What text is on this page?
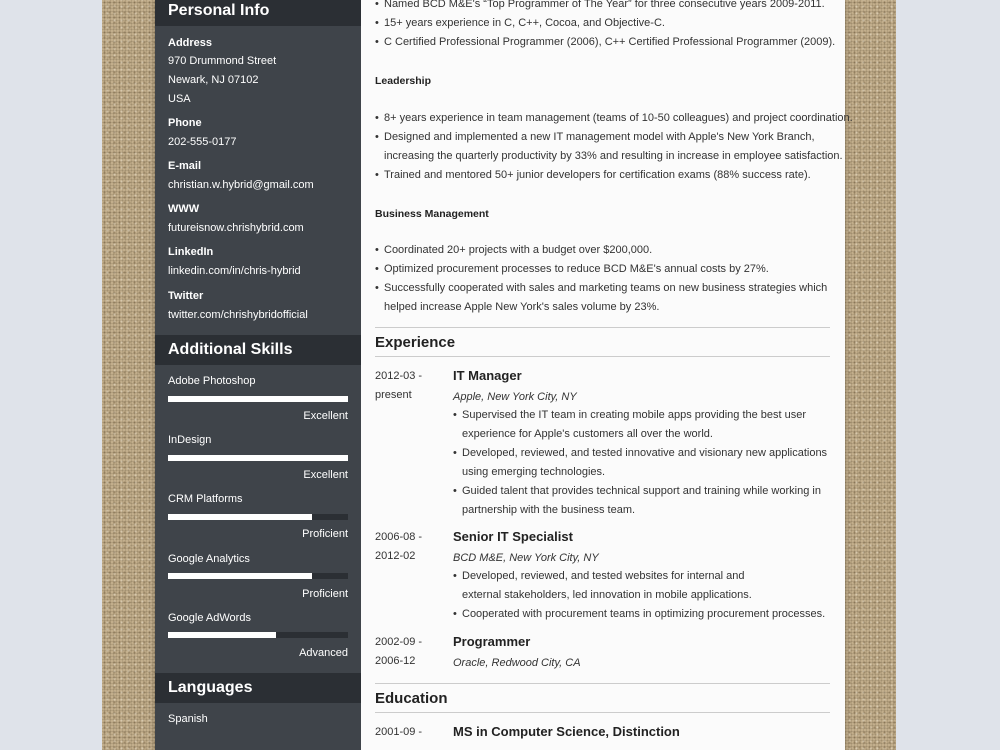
Personal Info
Address
970 Drummond Street
Newark, NJ 07102
USA
Phone
202-555-0177
E-mail
christian.w.hybrid@gmail.com
WWW
futureisnow.chrishybrid.com
LinkedIn
linkedin.com/in/chris-hybrid
Twitter
twitter.com/chrishybridofficial
Additional Skills
Adobe Photoshop
Excellent
InDesign
Excellent
CRM Platforms
Proficient
Google Analytics
Proficient
Google AdWords
Advanced
Languages
Spanish
• Named BCD M&E's “Top Programmer of The Year” for three consecutive years 2009-2011.
• 15+ years experience in C, C++, Cocoa, and Objective-C.
• C Certified Professional Programmer (2006), C++ Certified Professional Programmer (2009).
Leadership
• 8+ years experience in team management (teams of 10-50 colleagues) and project coordination.
• Designed and implemented a new IT management model with Apple's New York Branch,
increasing the quarterly productivity by 33% and resulting in increase in employee satisfaction.
• Trained and mentored 50+ junior developers for certification exams (88% success rate).
Business Management
• Coordinated 20+ projects with a budget over $200,000.
• Optimized procurement processes to reduce BCD M&E's annual costs by 27%.
• Successfully cooperated with sales and marketing teams on new business strategies which
helped increase Apple New York's sales volume by 23%.
Experience
2012-03 -
present
IT Manager
Apple, New York City, NY
• Supervised the IT team in creating mobile apps providing the best user
experience for Apple's customers all over the world.
• Developed, reviewed, and tested innovative and visionary new applications
using emerging technologies.
• Guided talent that provides technical support and training while working in
partnership with the business team.
2006-08 -
2012-02
Senior IT Specialist
BCD M&E, New York City, NY
• Developed, reviewed, and tested websites for internal and
external stakeholders, led innovation in mobile applications.
• Cooperated with procurement teams in optimizing procurement processes.
2002-09 -
2006-12
Programmer
Oracle, Redwood City, CA
Education
2001-09 - MS in Computer Science, Distinction
